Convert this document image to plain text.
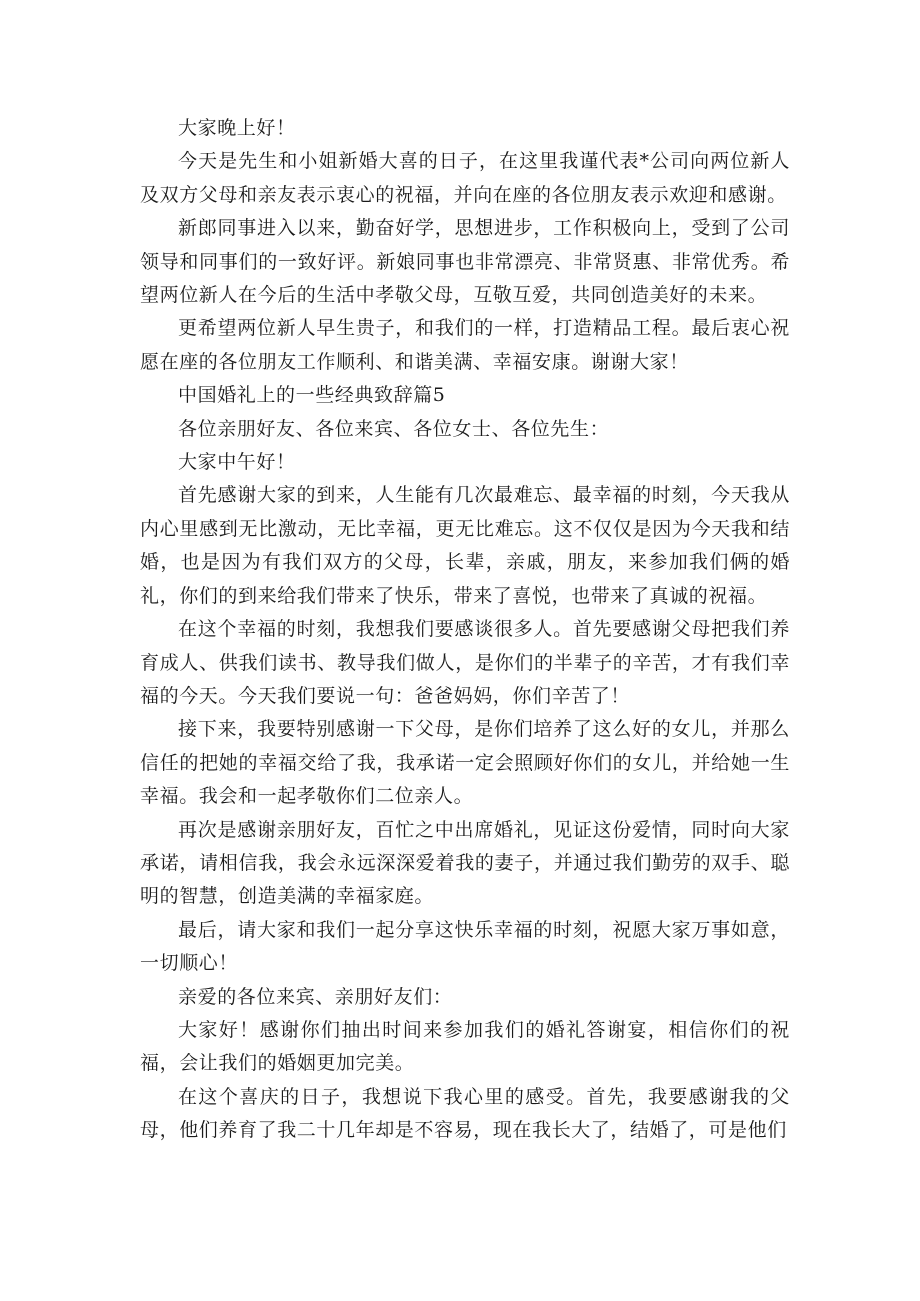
大家晚上好！

今天是先生和小姐新婚大喜的日子，在这里我谨代表*公司向两位新人及双方父母和亲友表示衷心的祝福，并向在座的各位朋友表示欢迎和感谢。

新郎同事进入以来，勤奋好学，思想进步，工作积极向上，受到了公司领导和同事们的一致好评。新娘同事也非常漂亮、非常贤惠、非常优秀。希望两位新人在今后的生活中孝敬父母，互敬互爱，共同创造美好的未来。

更希望两位新人早生贵子，和我们的一样，打造精品工程。最后衷心祝愿在座的各位朋友工作顺利、和谐美满、幸福安康。谢谢大家！

中国婚礼上的一些经典致辞篇5

各位亲朋好友、各位来宾、各位女士、各位先生：

大家中午好！

首先感谢大家的到来，人生能有几次最难忘、最幸福的时刻，今天我从内心里感到无比激动，无比幸福，更无比难忘。这不仅仅是因为今天我和结婚，也是因为有我们双方的父母，长辈，亲戚，朋友，来参加我们俩的婚礼，你们的到来给我们带来了快乐，带来了喜悦，也带来了真诚的祝福。

在这个幸福的时刻，我想我们要感谈很多人。首先要感谢父母把我们养育成人、供我们读书、教导我们做人，是你们的半辈子的辛苦，才有我们幸福的今天。今天我们要说一句：爸爸妈妈，你们辛苦了！

接下来，我要特别感谢一下父母，是你们培养了这么好的女儿，并那么信任的把她的幸福交给了我，我承诺一定会照顾好你们的女儿，并给她一生幸福。我会和一起孝敬你们二位亲人。

再次是感谢亲朋好友，百忙之中出席婚礼，见证这份爱情，同时向大家承诺，请相信我，我会永远深深爱着我的妻子，并通过我们勤劳的双手、聪明的智慧，创造美满的幸福家庭。

最后，请大家和我们一起分享这快乐幸福的时刻，祝愿大家万事如意，一切顺心！

亲爱的各位来宾、亲朋好友们：

大家好！感谢你们抽出时间来参加我们的婚礼答谢宴，相信你们的祝福，会让我们的婚姻更加完美。

在这个喜庆的日子，我想说下我心里的感受。首先，我要感谢我的父母，他们养育了我二十几年却是不容易，现在我长大了，结婚了，可是他们
